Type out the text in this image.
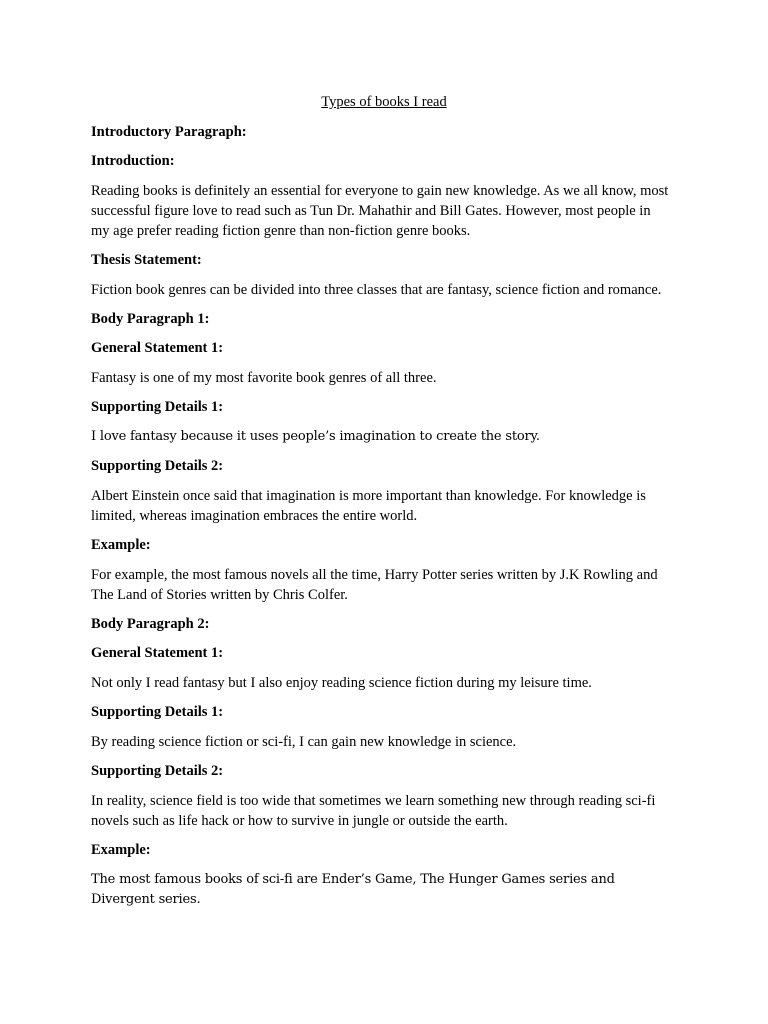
Types of books I read
Introductory Paragraph:
Introduction:
Reading books is definitely an essential for everyone to gain new knowledge. As we all know, most successful figure love to read such as Tun Dr. Mahathir and Bill Gates. However, most people in my age prefer reading fiction genre than non-fiction genre books.
Thesis Statement:
Fiction book genres can be divided into three classes that are fantasy, science fiction and romance.
Body Paragraph 1:
General Statement 1:
Fantasy is one of my most favorite book genres of all three.
Supporting Details 1:
I love fantasy because it uses people’s imagination to create the story.
Supporting Details 2:
Albert Einstein once said that imagination is more important than knowledge. For knowledge is limited, whereas imagination embraces the entire world.
Example:
For example, the most famous novels all the time, Harry Potter series written by J.K Rowling and The Land of Stories written by Chris Colfer.
Body Paragraph 2:
General Statement 1:
Not only I read fantasy but I also enjoy reading science fiction during my leisure time.
Supporting Details 1:
By reading science fiction or sci-fi, I can gain new knowledge in science.
Supporting Details 2:
In reality, science field is too wide that sometimes we learn something new through reading sci-fi novels such as life hack or how to survive in jungle or outside the earth.
Example:
The most famous books of sci-fi are Ender’s Game, The Hunger Games series and Divergent series.
